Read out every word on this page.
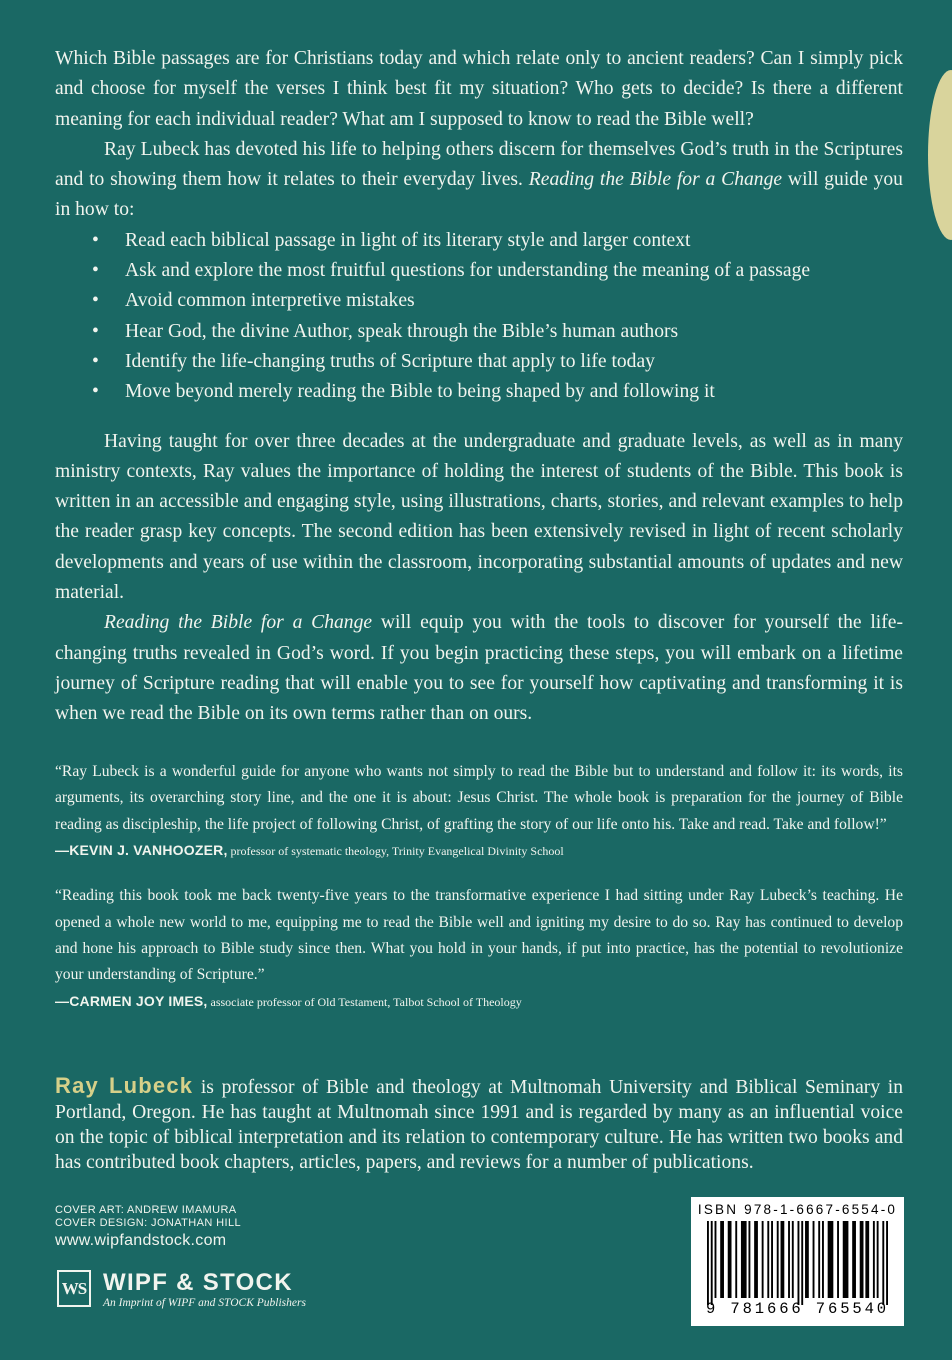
Which Bible passages are for Christians today and which relate only to ancient readers? Can I simply pick and choose for myself the verses I think best fit my situation? Who gets to decide? Is there a different meaning for each individual reader? What am I supposed to know to read the Bible well?

Ray Lubeck has devoted his life to helping others discern for themselves God’s truth in the Scriptures and to showing them how it relates to their everyday lives. Reading the Bible for a Change will guide you in how to:

• Read each biblical passage in light of its literary style and larger context
• Ask and explore the most fruitful questions for understanding the meaning of a passage
• Avoid common interpretive mistakes
• Hear God, the divine Author, speak through the Bible’s human authors
• Identify the life-changing truths of Scripture that apply to life today
• Move beyond merely reading the Bible to being shaped by and following it

Having taught for over three decades at the undergraduate and graduate levels, as well as in many ministry contexts, Ray values the importance of holding the interest of students of the Bible. This book is written in an accessible and engaging style, using illustrations, charts, stories, and relevant examples to help the reader grasp key concepts. The second edition has been extensively revised in light of recent scholarly developments and years of use within the classroom, incorporating substantial amounts of updates and new material.

Reading the Bible for a Change will equip you with the tools to discover for yourself the life-changing truths revealed in God’s word. If you begin practicing these steps, you will embark on a lifetime journey of Scripture reading that will enable you to see for yourself how captivating and transforming it is when we read the Bible on its own terms rather than on ours.

“Ray Lubeck is a wonderful guide for anyone who wants not simply to read the Bible but to understand and follow it: its words, its arguments, its overarching story line, and the one it is about: Jesus Christ. The whole book is preparation for the journey of Bible reading as discipleship, the life project of following Christ, of grafting the story of our life onto his. Take and read. Take and follow!”

—KEVIN J. VANHOOZER, professor of systematic theology, Trinity Evangelical Divinity School

“Reading this book took me back twenty-five years to the transformative experience I had sitting under Ray Lubeck’s teaching. He opened a whole new world to me, equipping me to read the Bible well and igniting my desire to do so. Ray has continued to develop and hone his approach to Bible study since then. What you hold in your hands, if put into practice, has the potential to revolutionize your understanding of Scripture.”

—CARMEN JOY IMES, associate professor of Old Testament, Talbot School of Theology

Ray Lubeck is professor of Bible and theology at Multnomah University and Biblical Seminary in Portland, Oregon. He has taught at Multnomah since 1991 and is regarded by many as an influential voice on the topic of biblical interpretation and its relation to contemporary culture. He has written two books and has contributed book chapters, articles, papers, and reviews for a number of publications.

COVER ART: ANDREW IMAMURA
COVER DESIGN: JONATHAN HILL
www.wipfandstock.com
WS WIPF & STOCK
An Imprint of WIPF and STOCK Publishers
ISBN 978-1-6667-6554-0
9 781666 765540
